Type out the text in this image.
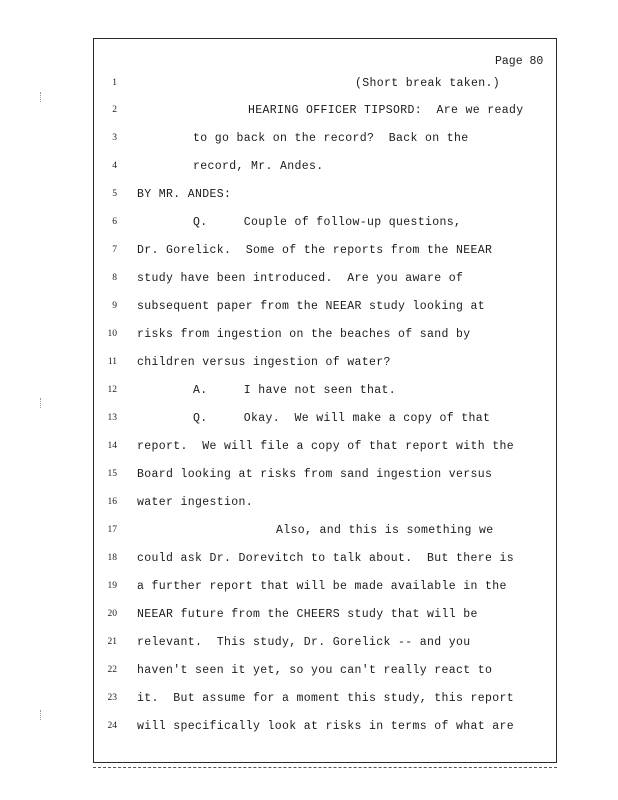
Page 80
1	(Short break taken.)
2	HEARING OFFICER TIPSORD:  Are we ready
3	to go back on the record?  Back on the
4	record, Mr. Andes.
5 BY MR. ANDES:
6	Q.     Couple of follow-up questions,
7 Dr. Gorelick.  Some of the reports from the NEEAR
8 study have been introduced.  Are you aware of
9 subsequent paper from the NEEAR study looking at
10 risks from ingestion on the beaches of sand by
11 children versus ingestion of water?
12	A.     I have not seen that.
13	Q.     Okay.  We will make a copy of that
14 report.  We will file a copy of that report with the
15 Board looking at risks from sand ingestion versus
16 water ingestion.
17	Also, and this is something we
18 could ask Dr. Dorevitch to talk about.  But there is
19 a further report that will be made available in the
20 NEEAR future from the CHEERS study that will be
21 relevant.  This study, Dr. Gorelick -- and you
22 haven't seen it yet, so you can't really react to
23 it.  But assume for a moment this study, this report
24 will specifically look at risks in terms of what are
